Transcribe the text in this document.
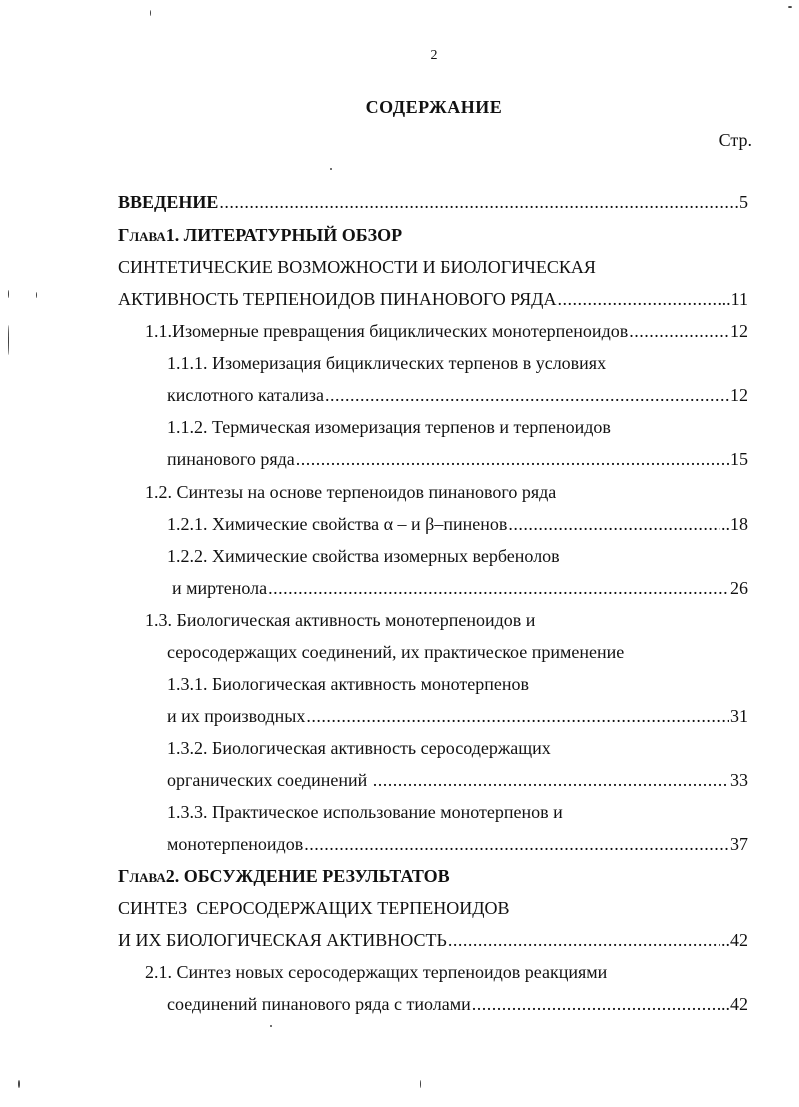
2
СОДЕРЖАНИЕ
Стр.
ВВЕДЕНИЕ .....	5
Г ЛАВА 1. ЛИТЕРАТУРНЫЙ ОБЗОР
СИНТЕТИЧЕСКИЕ ВОЗМОЖНОСТИ И БИОЛОГИЧЕСКАЯ
АКТИВНОСТЬ ТЕРПЕНОИДОВ ПИНАНОВОГО РЯДА .....	..11
1.1.Изомерные превращения бициклических монотерпеноидов .....	12
1.1.1. Изомеризация бициклических терпенов в условиях
кислотного катализа .....	12
1.1.2. Термическая изомеризация терпенов и терпеноидов
пинанового ряда .....	15
1.2. Синтезы на основе терпеноидов пинанового ряда
1.2.1. Химические свойства α – и β–пиненов .....	..18
1.2.2. Химические свойства изомерных вербенолов
и миртенола .....	26
1.3. Биологическая активность монотерпеноидов и
серосодержащих соединений, их практическое применение
1.3.1. Биологическая активность монотерпенов
и их производных .....	31
1.3.2. Биологическая активность серосодержащих
органических соединений .....	33
1.3.3. Практическое использование монотерпенов и
монотерпеноидов .....	37
Г ЛАВА 2. ОБСУЖДЕНИЕ РЕЗУЛЬТАТОВ
СИНТЕЗ  СЕРОСОДЕРЖАЩИХ ТЕРПЕНОИДОВ
И ИХ БИОЛОГИЧЕСКАЯ АКТИВНОСТЬ .....	..42
2.1. Синтез новых серосодержащих терпеноидов реакциями
соединений пинанового ряда с тиолами .....	..42
